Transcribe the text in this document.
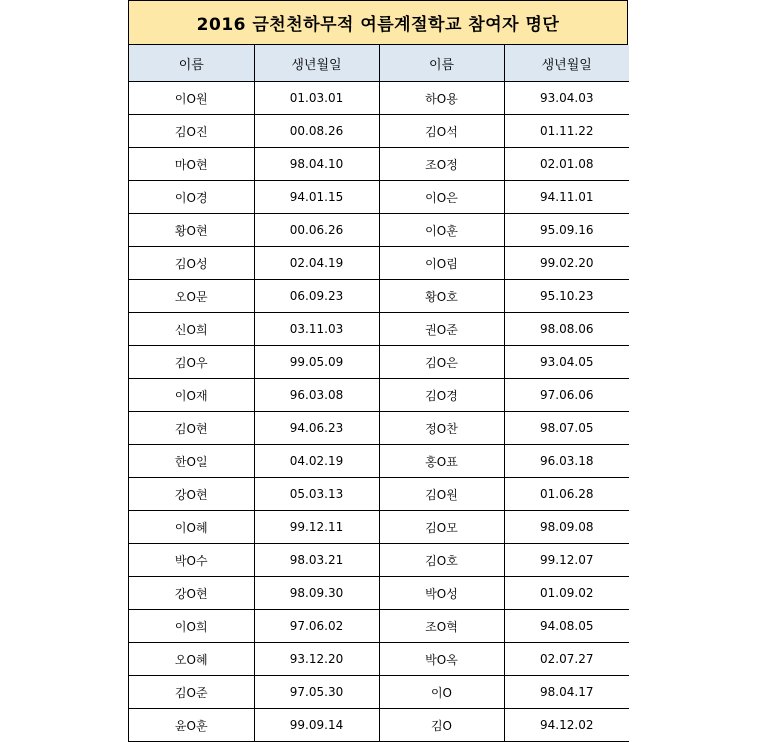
2016 금천천하무적 여름계절학교 참여자 명단
이름	생년월일	이름	생년월일
이O원	01.03.01	하O용	93.04.03
김O진	00.08.26	김O석	01.11.22
마O현	98.04.10	조O정	02.01.08
이O경	94.01.15	이O은	94.11.01
황O현	00.06.26	이O훈	95.09.16
김O성	02.04.19	이O림	99.02.20
오O문	06.09.23	황O호	95.10.23
신O희	03.11.03	권O준	98.08.06
김O우	99.05.09	김O은	93.04.05
이O재	96.03.08	김O경	97.06.06
김O현	94.06.23	정O찬	98.07.05
한O일	04.02.19	홍O표	96.03.18
강O현	05.03.13	김O원	01.06.28
이O혜	99.12.11	김O모	98.09.08
박O수	98.03.21	김O호	99.12.07
강O현	98.09.30	박O성	01.09.02
이O희	97.06.02	조O혁	94.08.05
오O혜	93.12.20	박O옥	02.07.27
김O준	97.05.30	이O	98.04.17
윤O훈	99.09.14	김O	94.12.02
